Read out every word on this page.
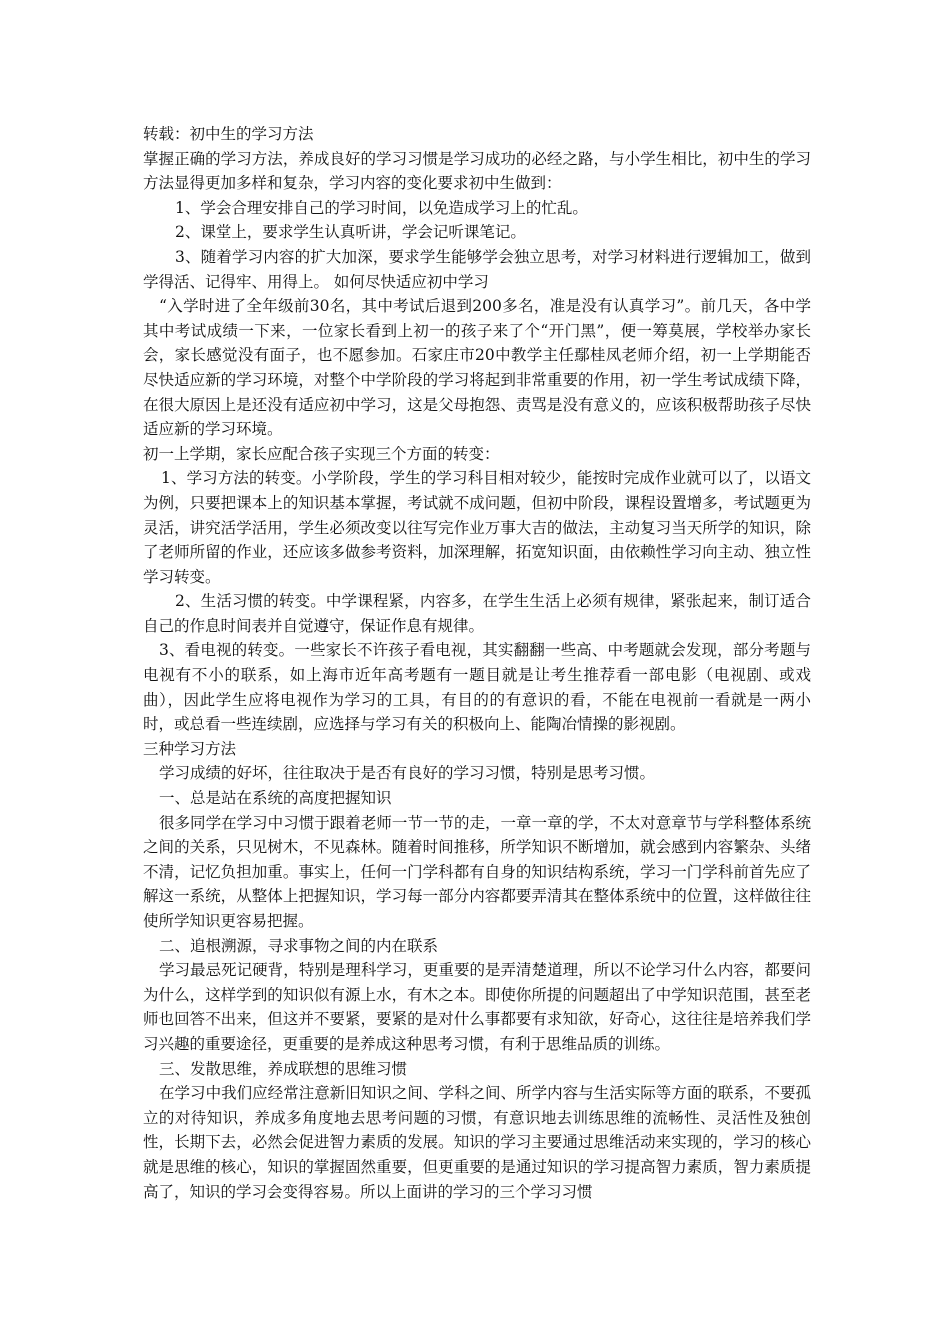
转载：初中生的学习方法

掌握正确的学习方法，养成良好的学习习惯是学习成功的必经之路，与小学生相比，初中生的学习方法显得更加多样和复杂，学习内容的变化要求初中生做到：

1、学会合理安排自己的学习时间，以免造成学习上的忙乱。

2、课堂上，要求学生认真听讲，学会记听课笔记。

3、随着学习内容的扩大加深，要求学生能够学会独立思考，对学习材料进行逻辑加工，做到学得活、记得牢、用得上。 如何尽快适应初中学习

“入学时进了全年级前30名，其中考试后退到200多名，准是没有认真学习”。前几天，各中学其中考试成绩一下来，一位家长看到上初一的孩子来了个“开门黑”，便一筹莫展，学校举办家长会，家长感觉没有面子，也不愿参加。石家庄市20中教学主任鄢桂凤老师介绍，初一上学期能否尽快适应新的学习环境，对整个中学阶段的学习将起到非常重要的作用，初一学生考试成绩下降，在很大原因上是还没有适应初中学习，这是父母抱怨、责骂是没有意义的，应该积极帮助孩子尽快适应新的学习环境。

初一上学期，家长应配合孩子实现三个方面的转变：

1、学习方法的转变。小学阶段，学生的学习科目相对较少，能按时完成作业就可以了，以语文为例，只要把课本上的知识基本掌握，考试就不成问题，但初中阶段，课程设置增多，考试题更为灵活，讲究活学活用，学生必须改变以往写完作业万事大吉的做法，主动复习当天所学的知识，除了老师所留的作业，还应该多做参考资料，加深理解，拓宽知识面，由依赖性学习向主动、独立性学习转变。

2、生活习惯的转变。中学课程紧，内容多，在学生生活上必须有规律，紧张起来，制订适合自己的作息时间表并自觉遵守，保证作息有规律。

3、看电视的转变。一些家长不许孩子看电视，其实翻翻一些高、中考题就会发现，部分考题与电视有不小的联系，如上海市近年高考题有一题目就是让考生推荐看一部电影（电视剧、或戏曲），因此学生应将电视作为学习的工具，有目的的有意识的看，不能在电视前一看就是一两小时，或总看一些连续剧，应选择与学习有关的积极向上、能陶冶情操的影视剧。

三种学习方法

学习成绩的好坏，往往取决于是否有良好的学习习惯，特别是思考习惯。

一、总是站在系统的高度把握知识

很多同学在学习中习惯于跟着老师一节一节的走，一章一章的学，不太对意章节与学科整体系统之间的关系，只见树木，不见森林。随着时间推移，所学知识不断增加，就会感到内容繁杂、头绪不清，记忆负担加重。事实上，任何一门学科都有自身的知识结构系统，学习一门学科前首先应了解这一系统，从整体上把握知识，学习每一部分内容都要弄清其在整体系统中的位置，这样做往往使所学知识更容易把握。

二、追根溯源，寻求事物之间的内在联系

学习最忌死记硬背，特别是理科学习，更重要的是弄清楚道理，所以不论学习什么内容，都要问为什么，这样学到的知识似有源上水，有木之本。即使你所提的问题超出了中学知识范围，甚至老师也回答不出来，但这并不要紧，要紧的是对什么事都要有求知欲，好奇心，这往往是培养我们学习兴趣的重要途径，更重要的是养成这种思考习惯，有利于思维品质的训练。

三、发散思维，养成联想的思维习惯

在学习中我们应经常注意新旧知识之间、学科之间、所学内容与生活实际等方面的联系，不要孤立的对待知识，养成多角度地去思考问题的习惯，有意识地去训练思维的流畅性、灵活性及独创性，长期下去，必然会促进智力素质的发展。知识的学习主要通过思维活动来实现的，学习的核心就是思维的核心，知识的掌握固然重要，但更重要的是通过知识的学习提高智力素质，智力素质提高了，知识的学习会变得容易。所以上面讲的学习的三个学习习惯
